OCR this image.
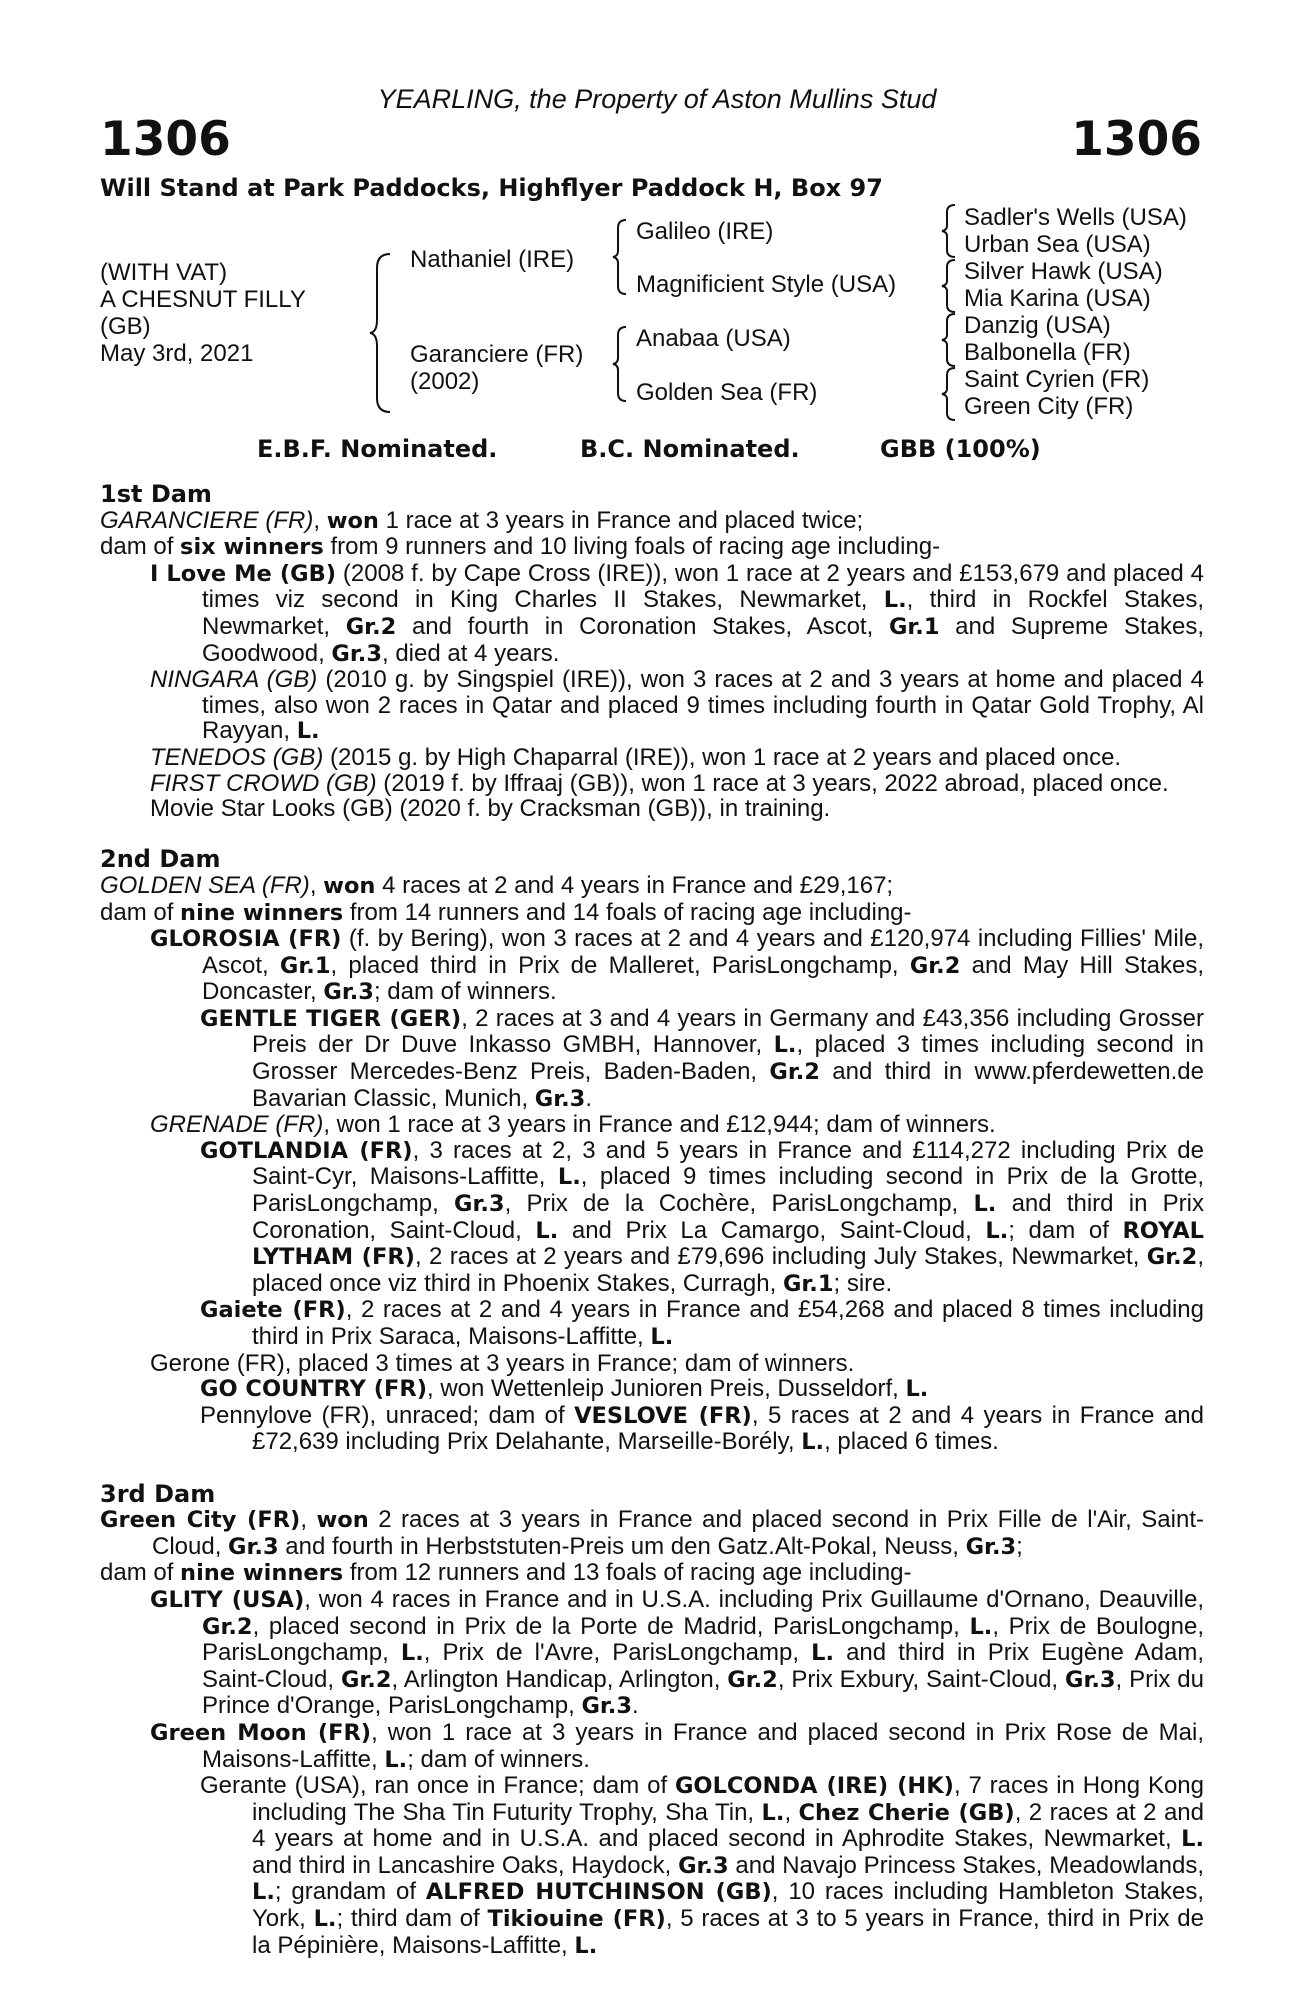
YEARLING, the Property of Aston Mullins Stud
1306	1306
Will Stand at Park Paddocks, Highflyer Paddock H, Box 97
(WITH VAT)
A CHESNUT FILLY
(GB)
May 3rd, 2021
Nathaniel (IRE)
Garanciere (FR)
(2002)
Galileo (IRE)
Magnificient Style (USA)
Anabaa (USA)
Golden Sea (FR)
Sadler's Wells (USA)
Urban Sea (USA)
Silver Hawk (USA)
Mia Karina (USA)
Danzig (USA)
Balbonella (FR)
Saint Cyrien (FR)
Green City (FR)
E.B.F. Nominated.	B.C. Nominated.	GBB (100%)

1st Dam

GARANCIERE (FR), won 1 race at 3 years in France and placed twice;

dam of six winners from 9 runners and 10 living foals of racing age including-

I Love Me (GB) (2008 f. by Cape Cross (IRE)), won 1 race at 2 years and £153,679 and placed 4 times viz second in King Charles II Stakes, Newmarket, L., third in Rockfel Stakes, Newmarket, Gr.2 and fourth in Coronation Stakes, Ascot, Gr.1 and Supreme Stakes, Goodwood, Gr.3, died at 4 years.

NINGARA (GB) (2010 g. by Singspiel (IRE)), won 3 races at 2 and 3 years at home and placed 4 times, also won 2 races in Qatar and placed 9 times including fourth in Qatar Gold Trophy, Al Rayyan, L.

TENEDOS (GB) (2015 g. by High Chaparral (IRE)), won 1 race at 2 years and placed once.

FIRST CROWD (GB) (2019 f. by Iffraaj (GB)), won 1 race at 3 years, 2022 abroad, placed once.

Movie Star Looks (GB) (2020 f. by Cracksman (GB)), in training.

2nd Dam

GOLDEN SEA (FR), won 4 races at 2 and 4 years in France and £29,167;

dam of nine winners from 14 runners and 14 foals of racing age including-

GLOROSIA (FR) (f. by Bering), won 3 races at 2 and 4 years and £120,974 including Fillies' Mile, Ascot, Gr.1, placed third in Prix de Malleret, ParisLongchamp, Gr.2 and May Hill Stakes, Doncaster, Gr.3; dam of winners.

GENTLE TIGER (GER), 2 races at 3 and 4 years in Germany and £43,356 including Grosser Preis der Dr Duve Inkasso GMBH, Hannover, L., placed 3 times including second in Grosser Mercedes-Benz Preis, Baden-Baden, Gr.2 and third in www.pferdewetten.de Bavarian Classic, Munich, Gr.3.

GRENADE (FR), won 1 race at 3 years in France and £12,944; dam of winners.

GOTLANDIA (FR), 3 races at 2, 3 and 5 years in France and £114,272 including Prix de Saint-Cyr, Maisons-Laffitte, L., placed 9 times including second in Prix de la Grotte, ParisLongchamp, Gr.3, Prix de la Cochère, ParisLongchamp, L. and third in Prix Coronation, Saint-Cloud, L. and Prix La Camargo, Saint-Cloud, L.; dam of ROYAL LYTHAM (FR), 2 races at 2 years and £79,696 including July Stakes, Newmarket, Gr.2, placed once viz third in Phoenix Stakes, Curragh, Gr.1; sire.

Gaiete (FR), 2 races at 2 and 4 years in France and £54,268 and placed 8 times including third in Prix Saraca, Maisons-Laffitte, L.

Gerone (FR), placed 3 times at 3 years in France; dam of winners.

GO COUNTRY (FR), won Wettenleip Junioren Preis, Dusseldorf, L.

Pennylove (FR), unraced; dam of VESLOVE (FR), 5 races at 2 and 4 years in France and £72,639 including Prix Delahante, Marseille-Borély, L., placed 6 times.

3rd Dam

Green City (FR), won 2 races at 3 years in France and placed second in Prix Fille de l'Air, Saint-Cloud, Gr.3 and fourth in Herbststuten-Preis um den Gatz.Alt-Pokal, Neuss, Gr.3;

dam of nine winners from 12 runners and 13 foals of racing age including-

GLITY (USA), won 4 races in France and in U.S.A. including Prix Guillaume d'Ornano, Deauville, Gr.2, placed second in Prix de la Porte de Madrid, ParisLongchamp, L., Prix de Boulogne, ParisLongchamp, L., Prix de l'Avre, ParisLongchamp, L. and third in Prix Eugène Adam, Saint-Cloud, Gr.2, Arlington Handicap, Arlington, Gr.2, Prix Exbury, Saint-Cloud, Gr.3, Prix du Prince d'Orange, ParisLongchamp, Gr.3.

Green Moon (FR), won 1 race at 3 years in France and placed second in Prix Rose de Mai, Maisons-Laffitte, L.; dam of winners.

Gerante (USA), ran once in France; dam of GOLCONDA (IRE) (HK), 7 races in Hong Kong including The Sha Tin Futurity Trophy, Sha Tin, L., Chez Cherie (GB), 2 races at 2 and 4 years at home and in U.S.A. and placed second in Aphrodite Stakes, Newmarket, L. and third in Lancashire Oaks, Haydock, Gr.3 and Navajo Princess Stakes, Meadowlands, L.; grandam of ALFRED HUTCHINSON (GB), 10 races including Hambleton Stakes, York, L.; third dam of Tikiouine (FR), 5 races at 3 to 5 years in France, third in Prix de la Pépinière, Maisons-Laffitte, L.
